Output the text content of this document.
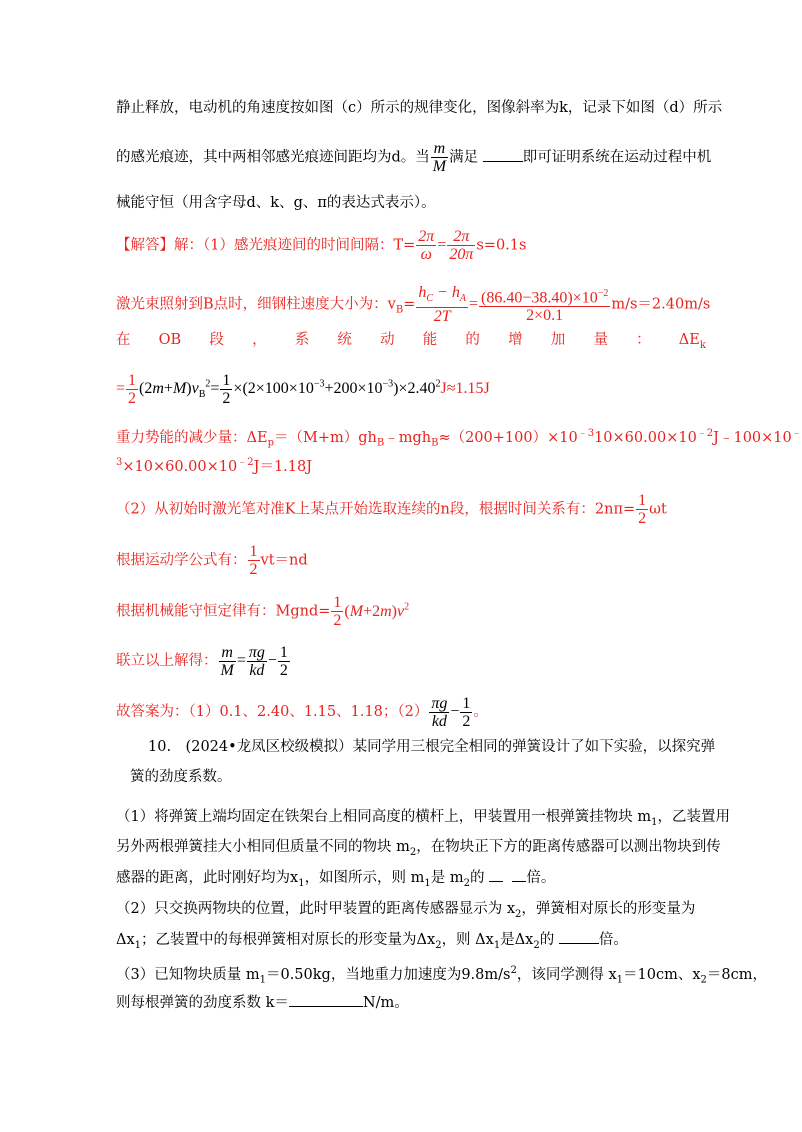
静止释放，电动机的角速度按如图（c）所示的规律变化，图像斜率为k，记录下如图（d）所示
的感光痕迹，其中两相邻感光痕迹间距均为d。当 $\frac{m}{M}$ 满足	即可证明系统在运动过程中机
械能守恒（用含字母d、k、g、π的表达式表示）。
【解答】解：（1）感光痕迹间的时间间隔：$T= \frac{2\pi}{\omega} = \frac{2\pi}{20\pi} s=0.1s$
激光束照射到B点时，细钢柱速度大小为：$v_B= \frac{h_C - h_A}{2T} = \frac{(86.40-38.40)\times 10^{-2}}{2\times 0.1} m/s=2.40m/s$
在 OB 段 ， 系 统 动 能 的 增 加 量 ： $\Delta E_k$
= $\frac{1}{2} (2m+M)v_B^2= \frac{1}{2} \times(2\times 100\times 10^{-3}+200\times 10^{-3})\times 2.40^2J\approx 1.15J$
重力势能的减少量：$\Delta E_p=(M+m)gh_B﹣mgh_B\approx(200+100)\times 10^{﹣3}10\times 60.00\times 10^{﹣2}J﹣100\times 10^﹣$
$^3\times 10\times 60.00\times 10^{﹣2}J=1.18J$
（2）从初始时激光笔对准K上某点开始选取连续的n段，根据时间关系有：$2n\pi= \frac{1}{2}$ ωt
根据运动学公式有： $\frac{1}{2} vt=nd$
根据机械能守恒定律有：Mgnd= $\frac{1}{2} (M+2m)v^2$
联立以上解得： $\frac{m}{M} = \frac{\pi g}{kd} - \frac{1}{2}$
故答案为：（1）0.1、2.40、1.15、1.18；$(2) \frac{\pi g}{kd} - \frac{1}{2}$ 。
10.　(2024•龙凤区校级模拟）某同学用三根完全相同的弹簧设计了如下实验，以探究弹
簧的劲度系数。
（1）将弹簧上端均固定在铁架台上相同高度的横杆上，甲装置用一根弹簧挂物块 $m_1$，乙装置用
另外两根弹簧挂大小相同但质量不同的物块 $m_2$，在物块正下方的距离传感器可以测出物块到传
感器的距离，此时刚好均为$x_1$，如图所示，则 $m_1$是 $m_2$的	倍。
（2）只交换两物块的位置，此时甲装置的距离传感器显示为 $x_2$，弹簧相对原长的形变量为
$\Delta x_1$；乙装置中的每根弹簧相对原长的形变量为$\Delta x_2$，则 $\Delta x_1$是$\Delta x_2$的	倍。
（3）已知物块质量 $m_1=0.50kg$，当地重力加速度为$9.8m/s^2$，该同学测得 $x_1=10cm$、$x_2=8cm$，
则每根弹簧的劲度系数 k＝	N/m。
